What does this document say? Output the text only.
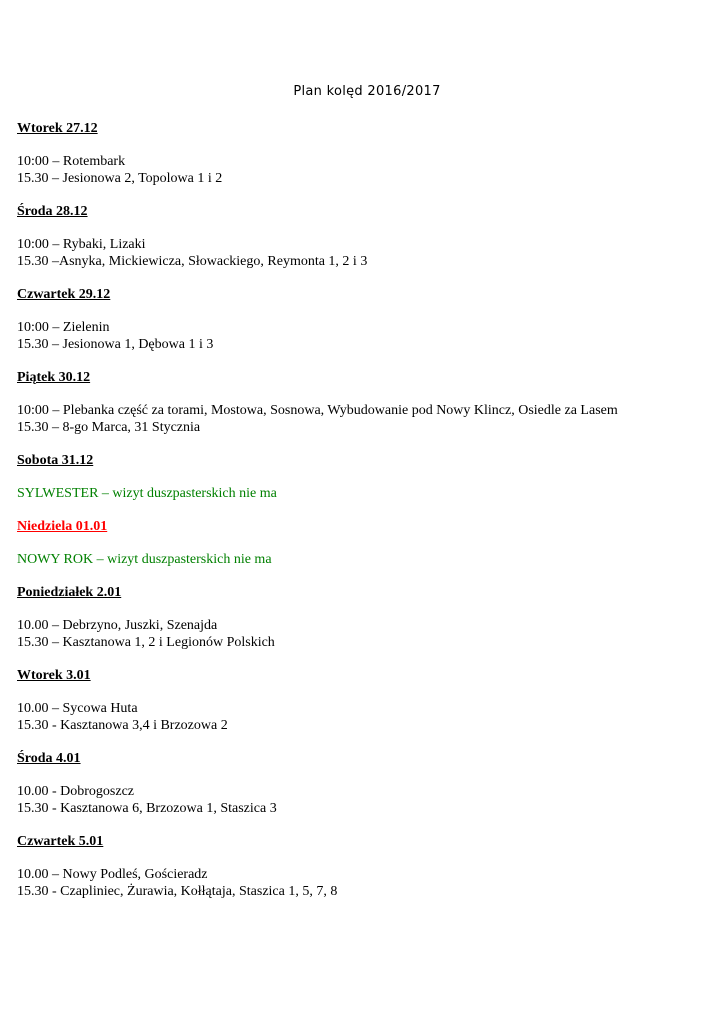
Plan kolęd 2016/2017
Wtorek 27.12
10:00 – Rotembark
15.30 – Jesionowa 2, Topolowa 1 i 2
Środa 28.12
10:00 – Rybaki, Lizaki
15.30 –Asnyka, Mickiewicza, Słowackiego, Reymonta 1, 2 i 3
Czwartek 29.12
10:00 – Zielenin
15.30 – Jesionowa 1, Dębowa 1 i 3
Piątek 30.12
10:00 – Plebanka część za torami, Mostowa, Sosnowa, Wybudowanie pod Nowy Klincz, Osiedle za Lasem
15.30 – 8-go Marca, 31 Stycznia
Sobota 31.12
SYLWESTER – wizyt duszpasterskich nie ma
Niedziela 01.01
NOWY ROK – wizyt duszpasterskich nie ma
Poniedziałek 2.01
10.00 – Debrzyno, Juszki, Szenajda
15.30 – Kasztanowa 1, 2 i Legionów Polskich
Wtorek 3.01
10.00 – Sycowa Huta
15.30 - Kasztanowa 3,4 i Brzozowa 2
Środa 4.01
10.00 - Dobrogoszcz
15.30 - Kasztanowa 6, Brzozowa 1, Staszica 3
Czwartek 5.01
10.00 – Nowy Podleś, Gościeradz
15.30 - Czapliniec, Żurawia, Kołłątaja, Staszica 1, 5, 7, 8
